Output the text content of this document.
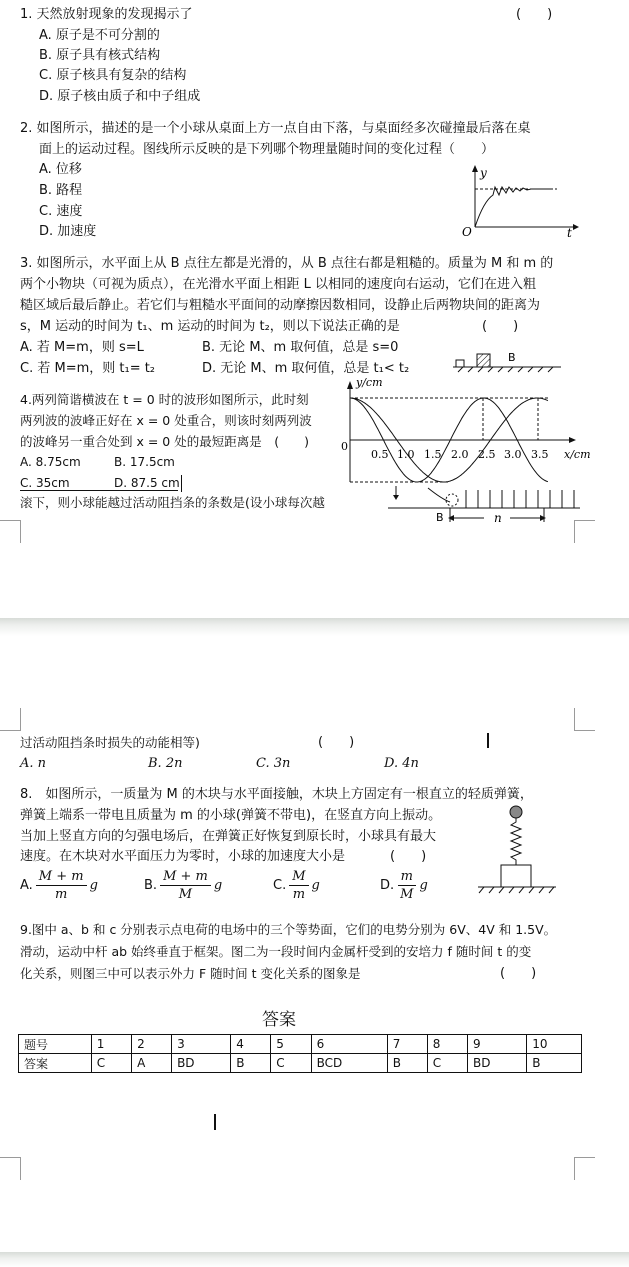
1. 天然放射现象的发现揭示了	(　　)
A. 原子是不可分割的
B. 原子具有核式结构
C. 原子核具有复杂的结构
D. 原子核由质子和中子组成
2. 如图所示，描述的是一个小球从桌面上方一点自由下落，与桌面经多次碰撞最后落在桌
面上的运动过程。图线所示反映的是下列哪个物理量随时间的变化过程（　　）
A. 位移
B. 路程
C. 速度
D. 加速度
y
t
O
3. 如图所示，水平面上从 B 点往左都是光滑的，从 B 点往右都是粗糙的。质量为 M 和 m 的
两个小物块（可视为质点），在光滑水平面上相距 L 以相同的速度向右运动，它们在进入粗
糙区域后最后静止。若它们与粗糙水平面间的动摩擦因数相同，设静止后两物块间的距离为
s，M 运动的时间为 t₁、m 运动的时间为 t₂，则以下说法正确的是	(　　)
A. 若 M=m，则 s=L	B. 无论 M、m 取何值，总是 s=0
C. 若 M=m，则 t₁= t₂	D. 无论 M、m 取何值，总是 t₁< t₂
B
4.两列简谐横波在 t = 0 时的波形如图所示，此时刻
两列波的波峰正好在 x = 0 处重合，则该时刻两列波
的波峰另一重合处到 x = 0 处的最短距离是　(　　)
A. 8.75cm	B. 17.5cm
C. 35cm	D. 87.5 cm
y/cm
x/cm
0
0.5 1.0 1.5 2.0 2.5 3.0 3.5
滚下，则小球能越过活动阻挡条的条数是(设小球每次越
B	n
过活动阻挡条时损失的动能相等)	(　　)
A. n	B. 2n	C. 3n	D. 4n
8.　如图所示，一质量为 M 的木块与水平面接触，木块上方固定有一根直立的轻质弹簧，
弹簧上端系一带电且质量为 m 的小球(弹簧不带电)，在竖直方向上振动。
当加上竖直方向的匀强电场后，在弹簧正好恢复到原长时，小球具有最大
速度。在木块对水平面压力为零时，小球的加速度大小是	(　　)
A. $\frac{M + m}{m}$ g	B. $\frac{M + m}{M}$ g	C. $\frac{M}{m}$ g	D. $\frac{m}{M}$ g
9.图中 a、b 和 c 分别表示点电荷的电场中的三个等势面，它们的电势分别为 6V、4V 和 1.5V。
滑动，运动中杆 ab 始终垂直于框架。图二为一段时间内金属杆受到的安培力 f 随时间 t 的变
化关系，则图三中可以表示外力 F 随时间 t 变化关系的图象是	(　　)
答案
题号	1	2	3	4	5	6	7	8	9	10
答案	C	A	BD	B	C	BCD	B	C	BD	B
